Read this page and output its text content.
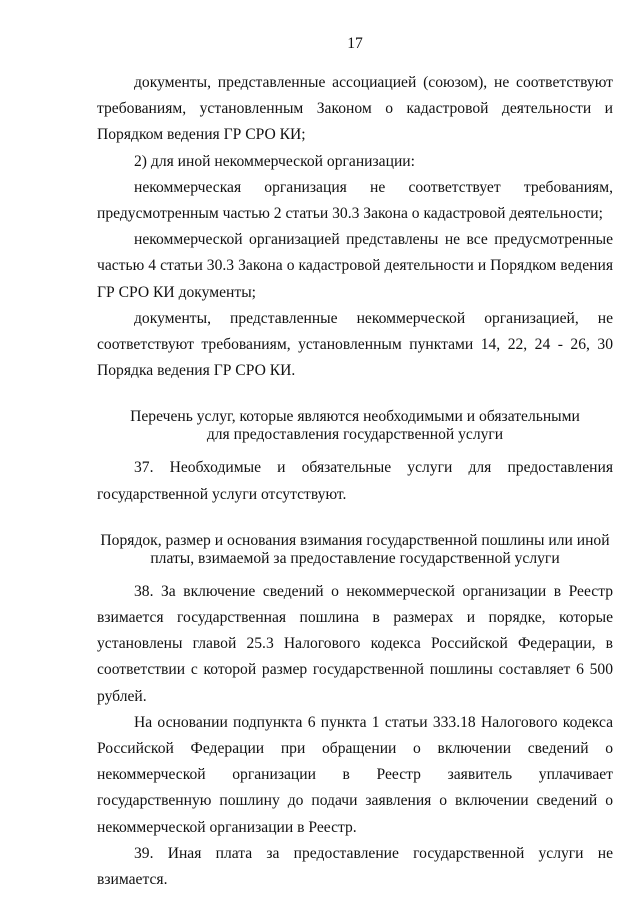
17

документы, представленные ассоциацией (союзом), не соответствуют требованиям, установленным Законом о кадастровой деятельности и Порядком ведения ГР СРО КИ;

2) для иной некоммерческой организации:

некоммерческая организация не соответствует требованиям, предусмотренным частью 2 статьи 30.3 Закона о кадастровой деятельности;

некоммерческой организацией представлены не все предусмотренные частью 4 статьи 30.3 Закона о кадастровой деятельности и Порядком ведения ГР СРО КИ документы;

документы, представленные некоммерческой организацией, не соответствуют требованиям, установленным пунктами 14, 22, 24 - 26, 30 Порядка ведения ГР СРО КИ.

Перечень услуг, которые являются необходимыми и обязательными

для предоставления государственной услуги

37. Необходимые и обязательные услуги для предоставления государственной услуги отсутствуют.

Порядок, размер и основания взимания государственной пошлины или иной

платы, взимаемой за предоставление государственной услуги

38. За включение сведений о некоммерческой организации в Реестр взимается государственная пошлина в размерах и порядке, которые установлены главой 25.3 Налогового кодекса Российской Федерации, в соответствии с которой размер государственной пошлины составляет 6 500 рублей.

На основании подпункта 6 пункта 1 статьи 333.18 Налогового кодекса Российской Федерации при обращении о включении сведений о некоммерческой организации в Реестр заявитель уплачивает государственную пошлину до подачи заявления о включении сведений о некоммерческой организации в Реестр.

39. Иная плата за предоставление государственной услуги не взимается.
